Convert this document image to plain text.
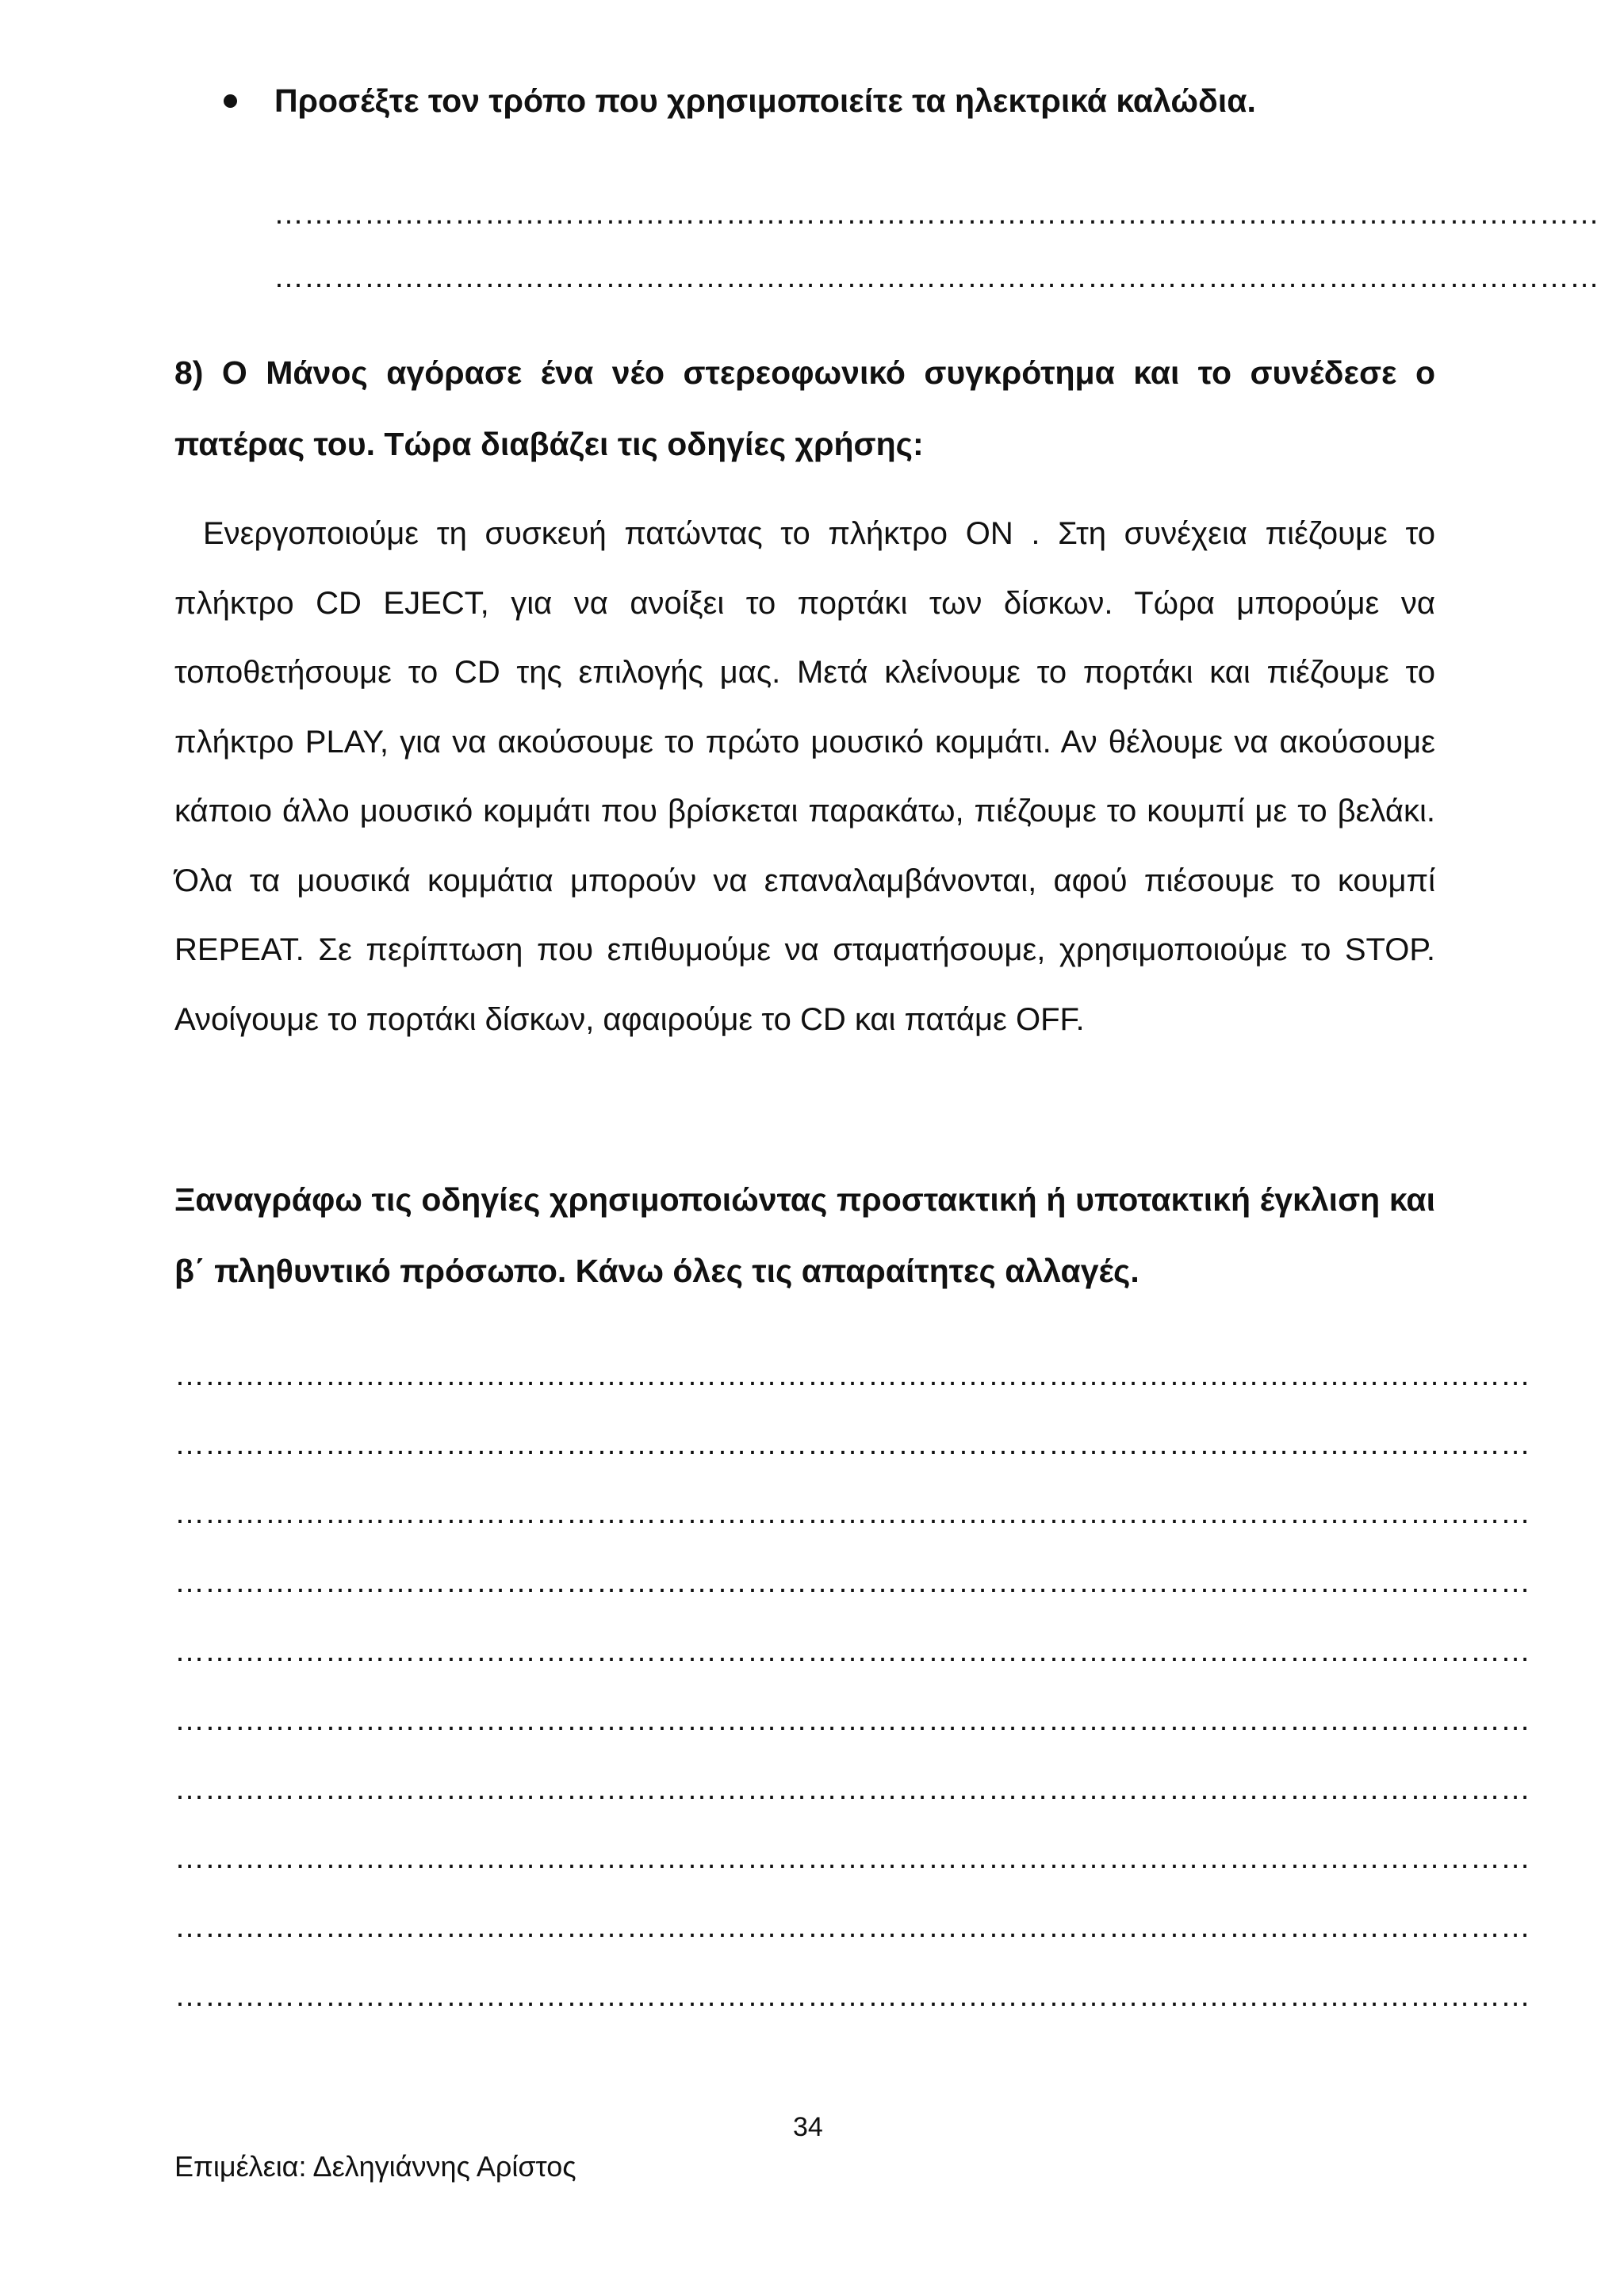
Προσέξτε τον τρόπο που χρησιμοποιείτε τα ηλεκτρικά καλώδια.
……………………………………………………………………………………………………………………
……………………………………………………………………………………………………………………
8) Ο Μάνος αγόρασε ένα νέο στερεοφωνικό συγκρότημα και το συνέδεσε ο πατέρας του. Τώρα διαβάζει τις οδηγίες χρήσης:
Ενεργοποιούμε τη συσκευή πατώντας το πλήκτρο ON . Στη συνέχεια πιέζουμε το πλήκτρο CD EJECT, για να ανοίξει το πορτάκι των δίσκων. Τώρα μπορούμε να τοποθετήσουμε το CD της επιλογής μας. Μετά κλείνουμε το πορτάκι και πιέζουμε το πλήκτρο PLAY, για να ακούσουμε το πρώτο μουσικό κομμάτι. Αν θέλουμε να ακούσουμε κάποιο άλλο μουσικό κομμάτι που βρίσκεται παρακάτω, πιέζουμε το κουμπί με το βελάκι. Όλα τα μουσικά κομμάτια μπορούν να επαναλαμβάνονται, αφού πιέσουμε το κουμπί REPEAT. Σε περίπτωση που επιθυμούμε να σταματήσουμε, χρησιμοποιούμε το STOP. Ανοίγουμε το πορτάκι δίσκων, αφαιρούμε το CD και πατάμε OFF.
Ξαναγράφω τις οδηγίες χρησιμοποιώντας προστακτική ή υποτακτική έγκλιση και β΄ πληθυντικό πρόσωπο. Κάνω όλες τις απαραίτητες αλλαγές.
………………………………………………………………………………………………………………………
………………………………………………………………………………………………………………………
………………………………………………………………………………………………………………………
………………………………………………………………………………………………………………………
………………………………………………………………………………………………………………………
………………………………………………………………………………………………………………………
………………………………………………………………………………………………………………………
………………………………………………………………………………………………………………………
………………………………………………………………………………………………………………………
………………………………………………………………………………………………………………………
34
Επιμέλεια: Δεληγιάννης Αρίστος
